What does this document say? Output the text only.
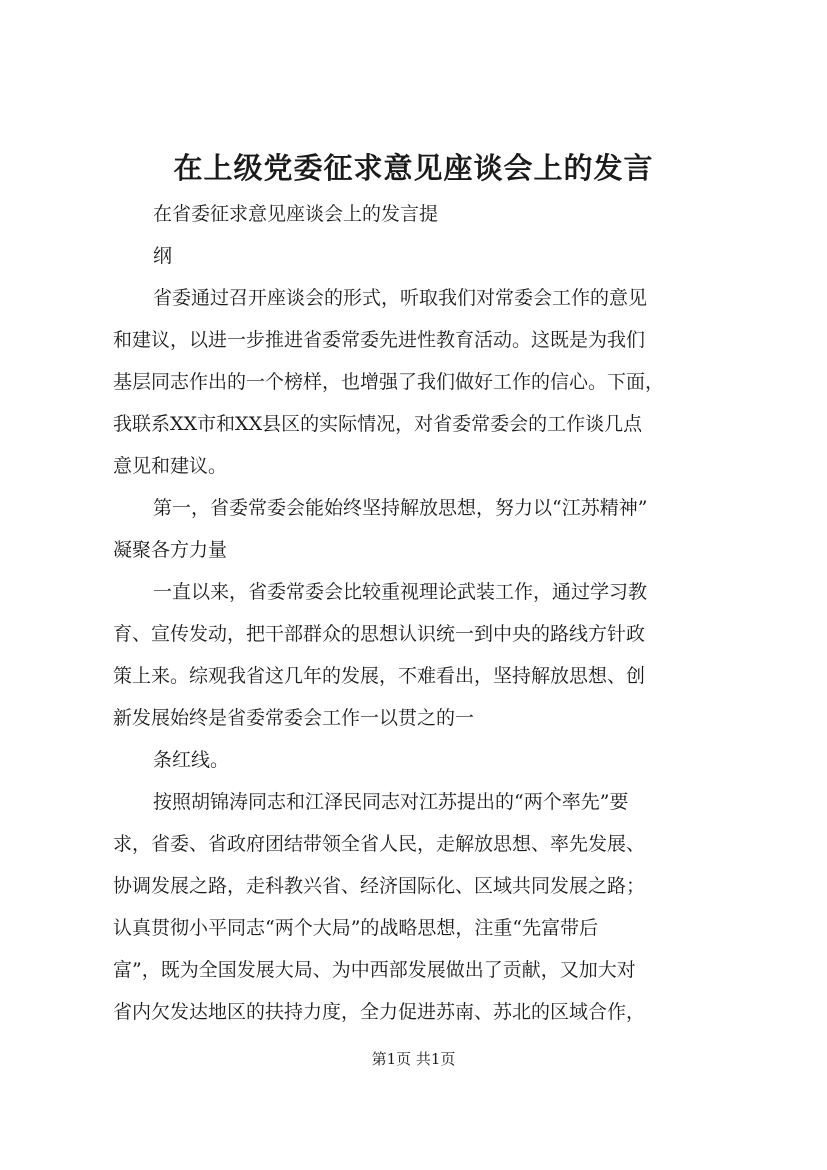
在上级党委征求意见座谈会上的发言
在省委征求意见座谈会上的发言提
纲
省委通过召开座谈会的形式，听取我们对常委会工作的意见
和建议，以进一步推进省委常委先进性教育活动。这既是为我们
基层同志作出的一个榜样，也增强了我们做好工作的信心。下面，
我联系XX市和XX县区的实际情况，对省委常委会的工作谈几点
意见和建议。
第一，省委常委会能始终坚持解放思想，努力以“江苏精神”
凝聚各方力量
一直以来，省委常委会比较重视理论武装工作，通过学习教
育、宣传发动，把干部群众的思想认识统一到中央的路线方针政
策上来。综观我省这几年的发展，不难看出，坚持解放思想、创
新发展始终是省委常委会工作一以贯之的一
条红线。
按照胡锦涛同志和江泽民同志对江苏提出的“两个率先”要
求，省委、省政府团结带领全省人民，走解放思想、率先发展、
协调发展之路，走科教兴省、经济国际化、区域共同发展之路；
认真贯彻小平同志“两个大局”的战略思想，注重“先富带后
富”，既为全国发展大局、为中西部发展做出了贡献，又加大对
省内欠发达地区的扶持力度，全力促进苏南、苏北的区域合作，
第1页 共1页
